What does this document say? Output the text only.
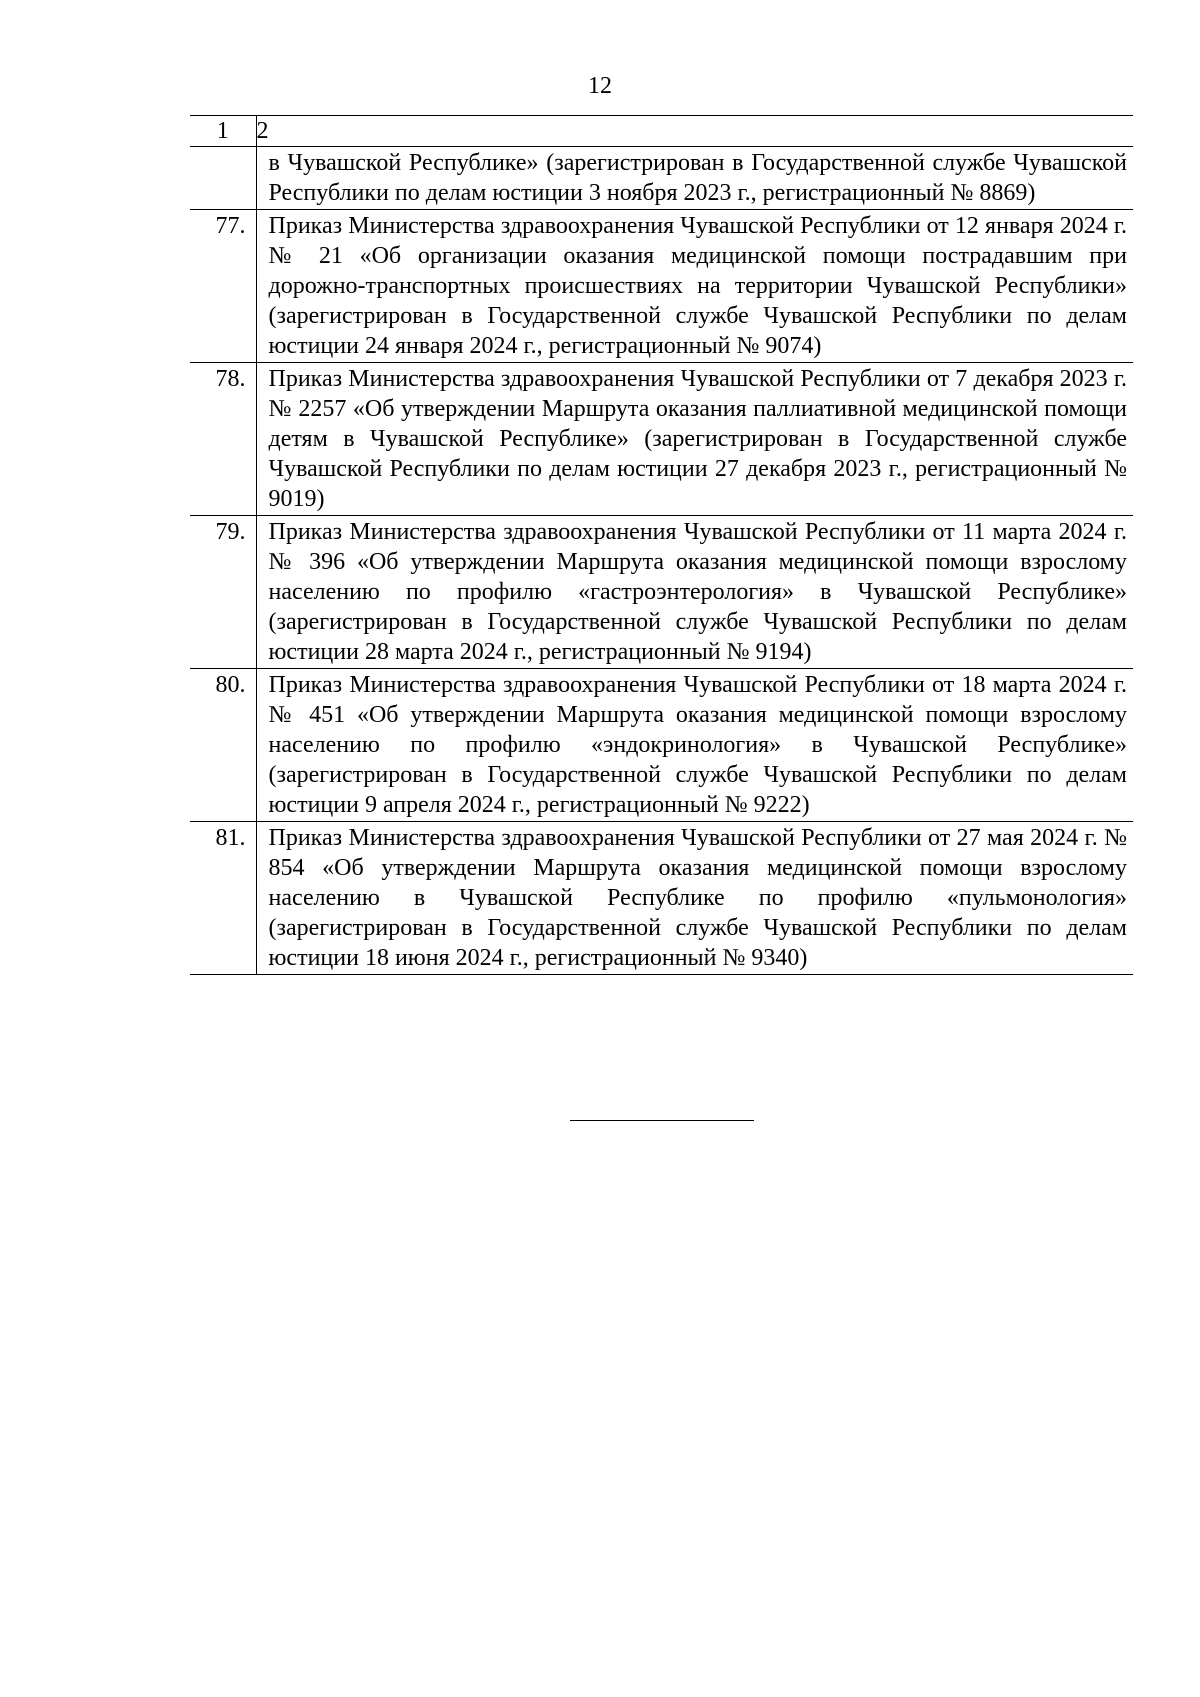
12
1	2
	в Чувашской Республике» (зарегистрирован в Государственной службе Чувашской Республики по делам юстиции 3 ноября 2023 г., регистрационный № 8869)
77.	Приказ Министерства здравоохранения Чувашской Республики от 12 января 2024 г. № 21 «Об организации оказания медицинской помощи пострадавшим при дорожно-транспортных происшествиях на территории Чувашской Республики» (зарегистрирован в Государственной службе Чувашской Республики по делам юстиции 24 января 2024 г., регистрационный № 9074)
78.	Приказ Министерства здравоохранения Чувашской Республики от 7 декабря 2023 г. № 2257 «Об утверждении Маршрута оказания паллиативной медицинской помощи детям в Чувашской Республике» (зарегистрирован в Государственной службе Чувашской Республики по делам юстиции 27 декабря 2023 г., регистрационный № 9019)
79.	Приказ Министерства здравоохранения Чувашской Республики от 11 марта 2024 г. № 396 «Об утверждении Маршрута оказания медицинской помощи взрослому населению по профилю «гастроэнтерология» в Чувашской Республике» (зарегистрирован в Государственной службе Чувашской Республики по делам юстиции 28 марта 2024 г., регистрационный № 9194)
80.	Приказ Министерства здравоохранения Чувашской Республики от 18 марта 2024 г. № 451 «Об утверждении Маршрута оказания медицинской помощи взрослому населению по профилю «эндокринология» в Чувашской Республике» (зарегистрирован в Государственной службе Чувашской Республики по делам юстиции 9 апреля 2024 г., регистрационный № 9222)
81.	Приказ Министерства здравоохранения Чувашской Республики от 27 мая 2024 г. № 854 «Об утверждении Маршрута оказания медицинской помощи взрослому населению в Чувашской Республике по профилю «пульмонология» (зарегистрирован в Государственной службе Чувашской Республики по делам юстиции 18 июня 2024 г., регистрационный № 9340)
